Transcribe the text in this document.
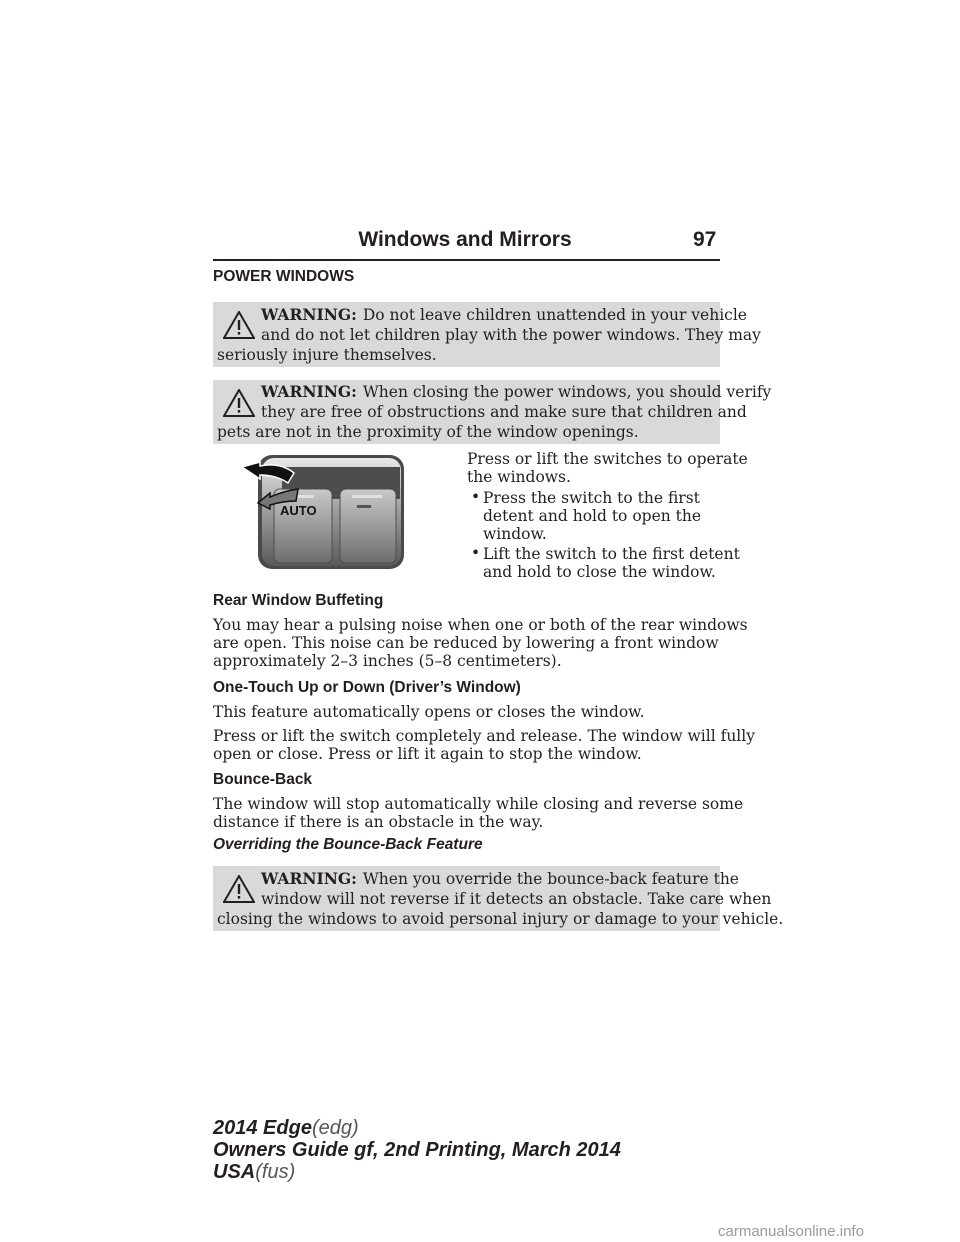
Windows and Mirrors	97
POWER WINDOWS
WARNING: Do not leave children unattended in your vehicle
and do not let children play with the power windows. They may
seriously injure themselves.
WARNING: When closing the power windows, you should verify
they are free of obstructions and make sure that children and
pets are not in the proximity of the window openings.
AUTO
Press or lift the switches to operate
the windows.
• Press the switch to the first
detent and hold to open the
window.
• Lift the switch to the first detent
and hold to close the window.
Rear Window Buffeting
You may hear a pulsing noise when one or both of the rear windows
are open. This noise can be reduced by lowering a front window
approximately 2–3 inches (5–8 centimeters).
One-Touch Up or Down (Driver’s Window)
This feature automatically opens or closes the window.
Press or lift the switch completely and release. The window will fully
open or close. Press or lift it again to stop the window.
Bounce-Back
The window will stop automatically while closing and reverse some
distance if there is an obstacle in the way.
Overriding the Bounce-Back Feature
WARNING: When you override the bounce-back feature the
window will not reverse if it detects an obstacle. Take care when
closing the windows to avoid personal injury or damage to your vehicle.
2014 Edge(edg)
Owners Guide gf, 2nd Printing, March 2014
USA(fus)
carmanualsonline.info
